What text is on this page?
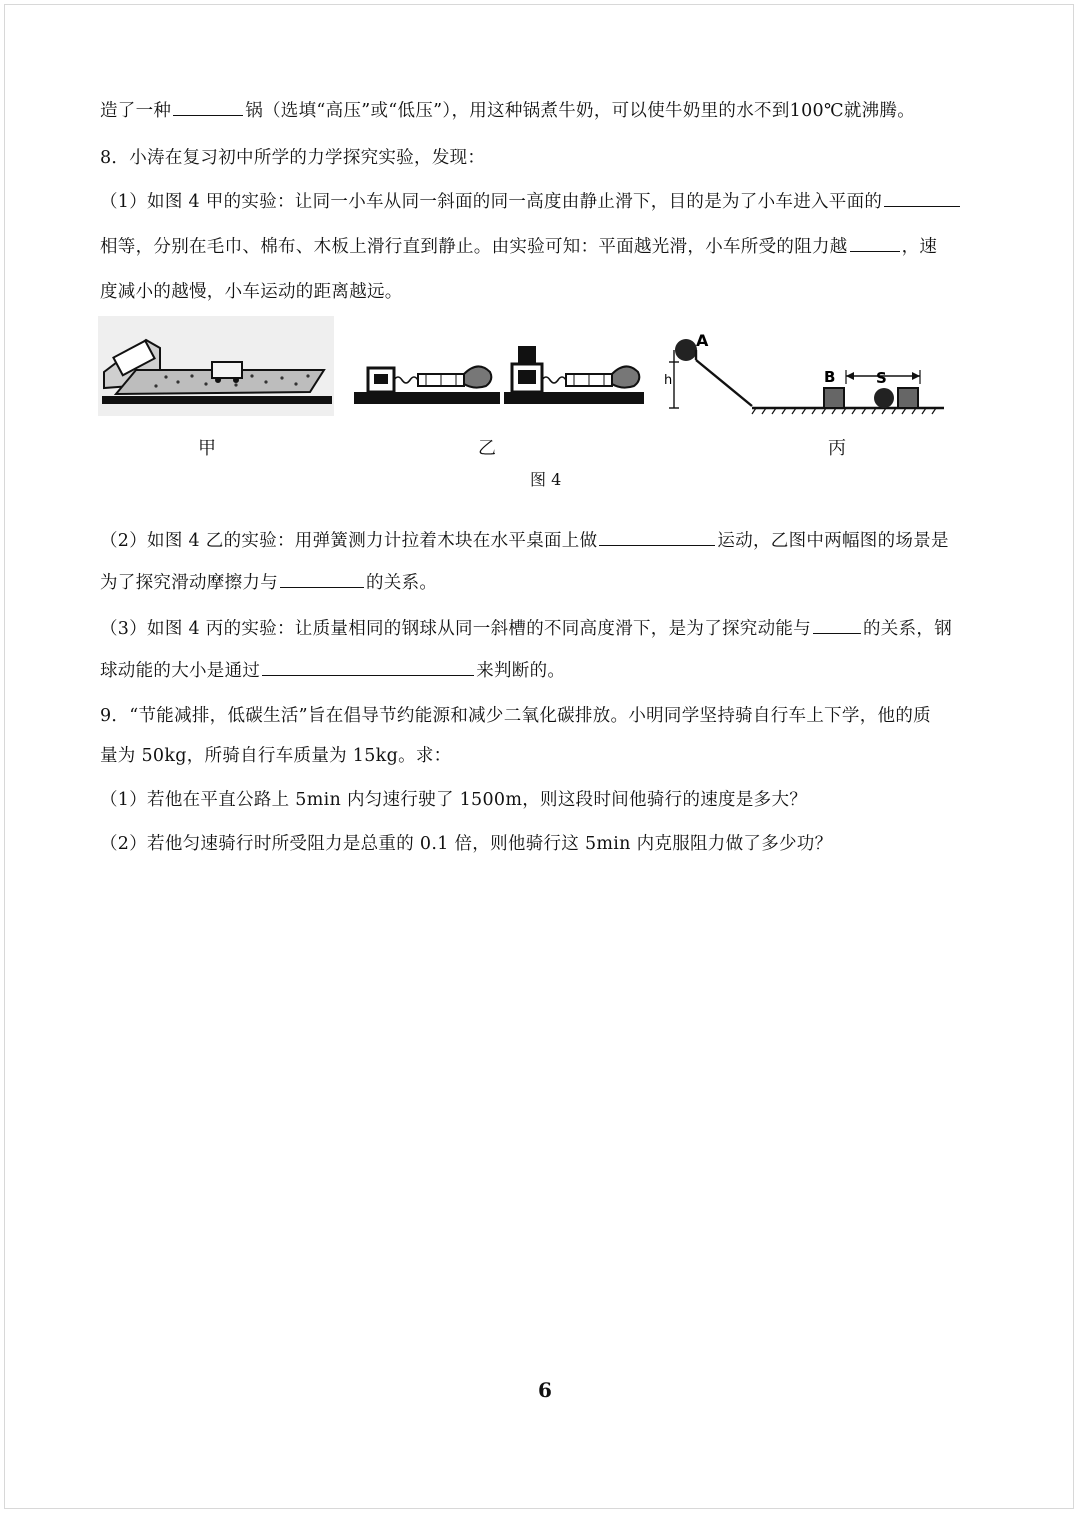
造了一种	锅（选填“高压”或“低压”），用这种锅煮牛奶，可以使牛奶里的水不到100℃就沸腾。
8．小涛在复习初中所学的力学探究实验，发现：
（1）如图 4 甲的实验：让同一小车从同一斜面的同一高度由静止滑下，目的是为了小车进入平面的
相等，分别在毛巾、棉布、木板上滑行直到静止。由实验可知：平面越光滑，小车所受的阻力越	，速
度减小的越慢，小车运动的距离越远。
A
h	B	S
甲	乙	丙
图 4
（2）如图 4 乙的实验：用弹簧测力计拉着木块在水平桌面上做	运动，乙图中两幅图的场景是
为了探究滑动摩擦力与	的关系。
（3）如图 4 丙的实验：让质量相同的钢球从同一斜槽的不同高度滑下，是为了探究动能与	的关系，钢
球动能的大小是通过	来判断的。
9．“节能减排，低碳生活”旨在倡导节约能源和减少二氧化碳排放。小明同学坚持骑自行车上下学，他的质
量为 50kg，所骑自行车质量为 15kg。求：
（1）若他在平直公路上 5min 内匀速行驶了 1500m，则这段时间他骑行的速度是多大？
（2）若他匀速骑行时所受阻力是总重的 0.1 倍，则他骑行这 5min 内克服阻力做了多少功？
6
